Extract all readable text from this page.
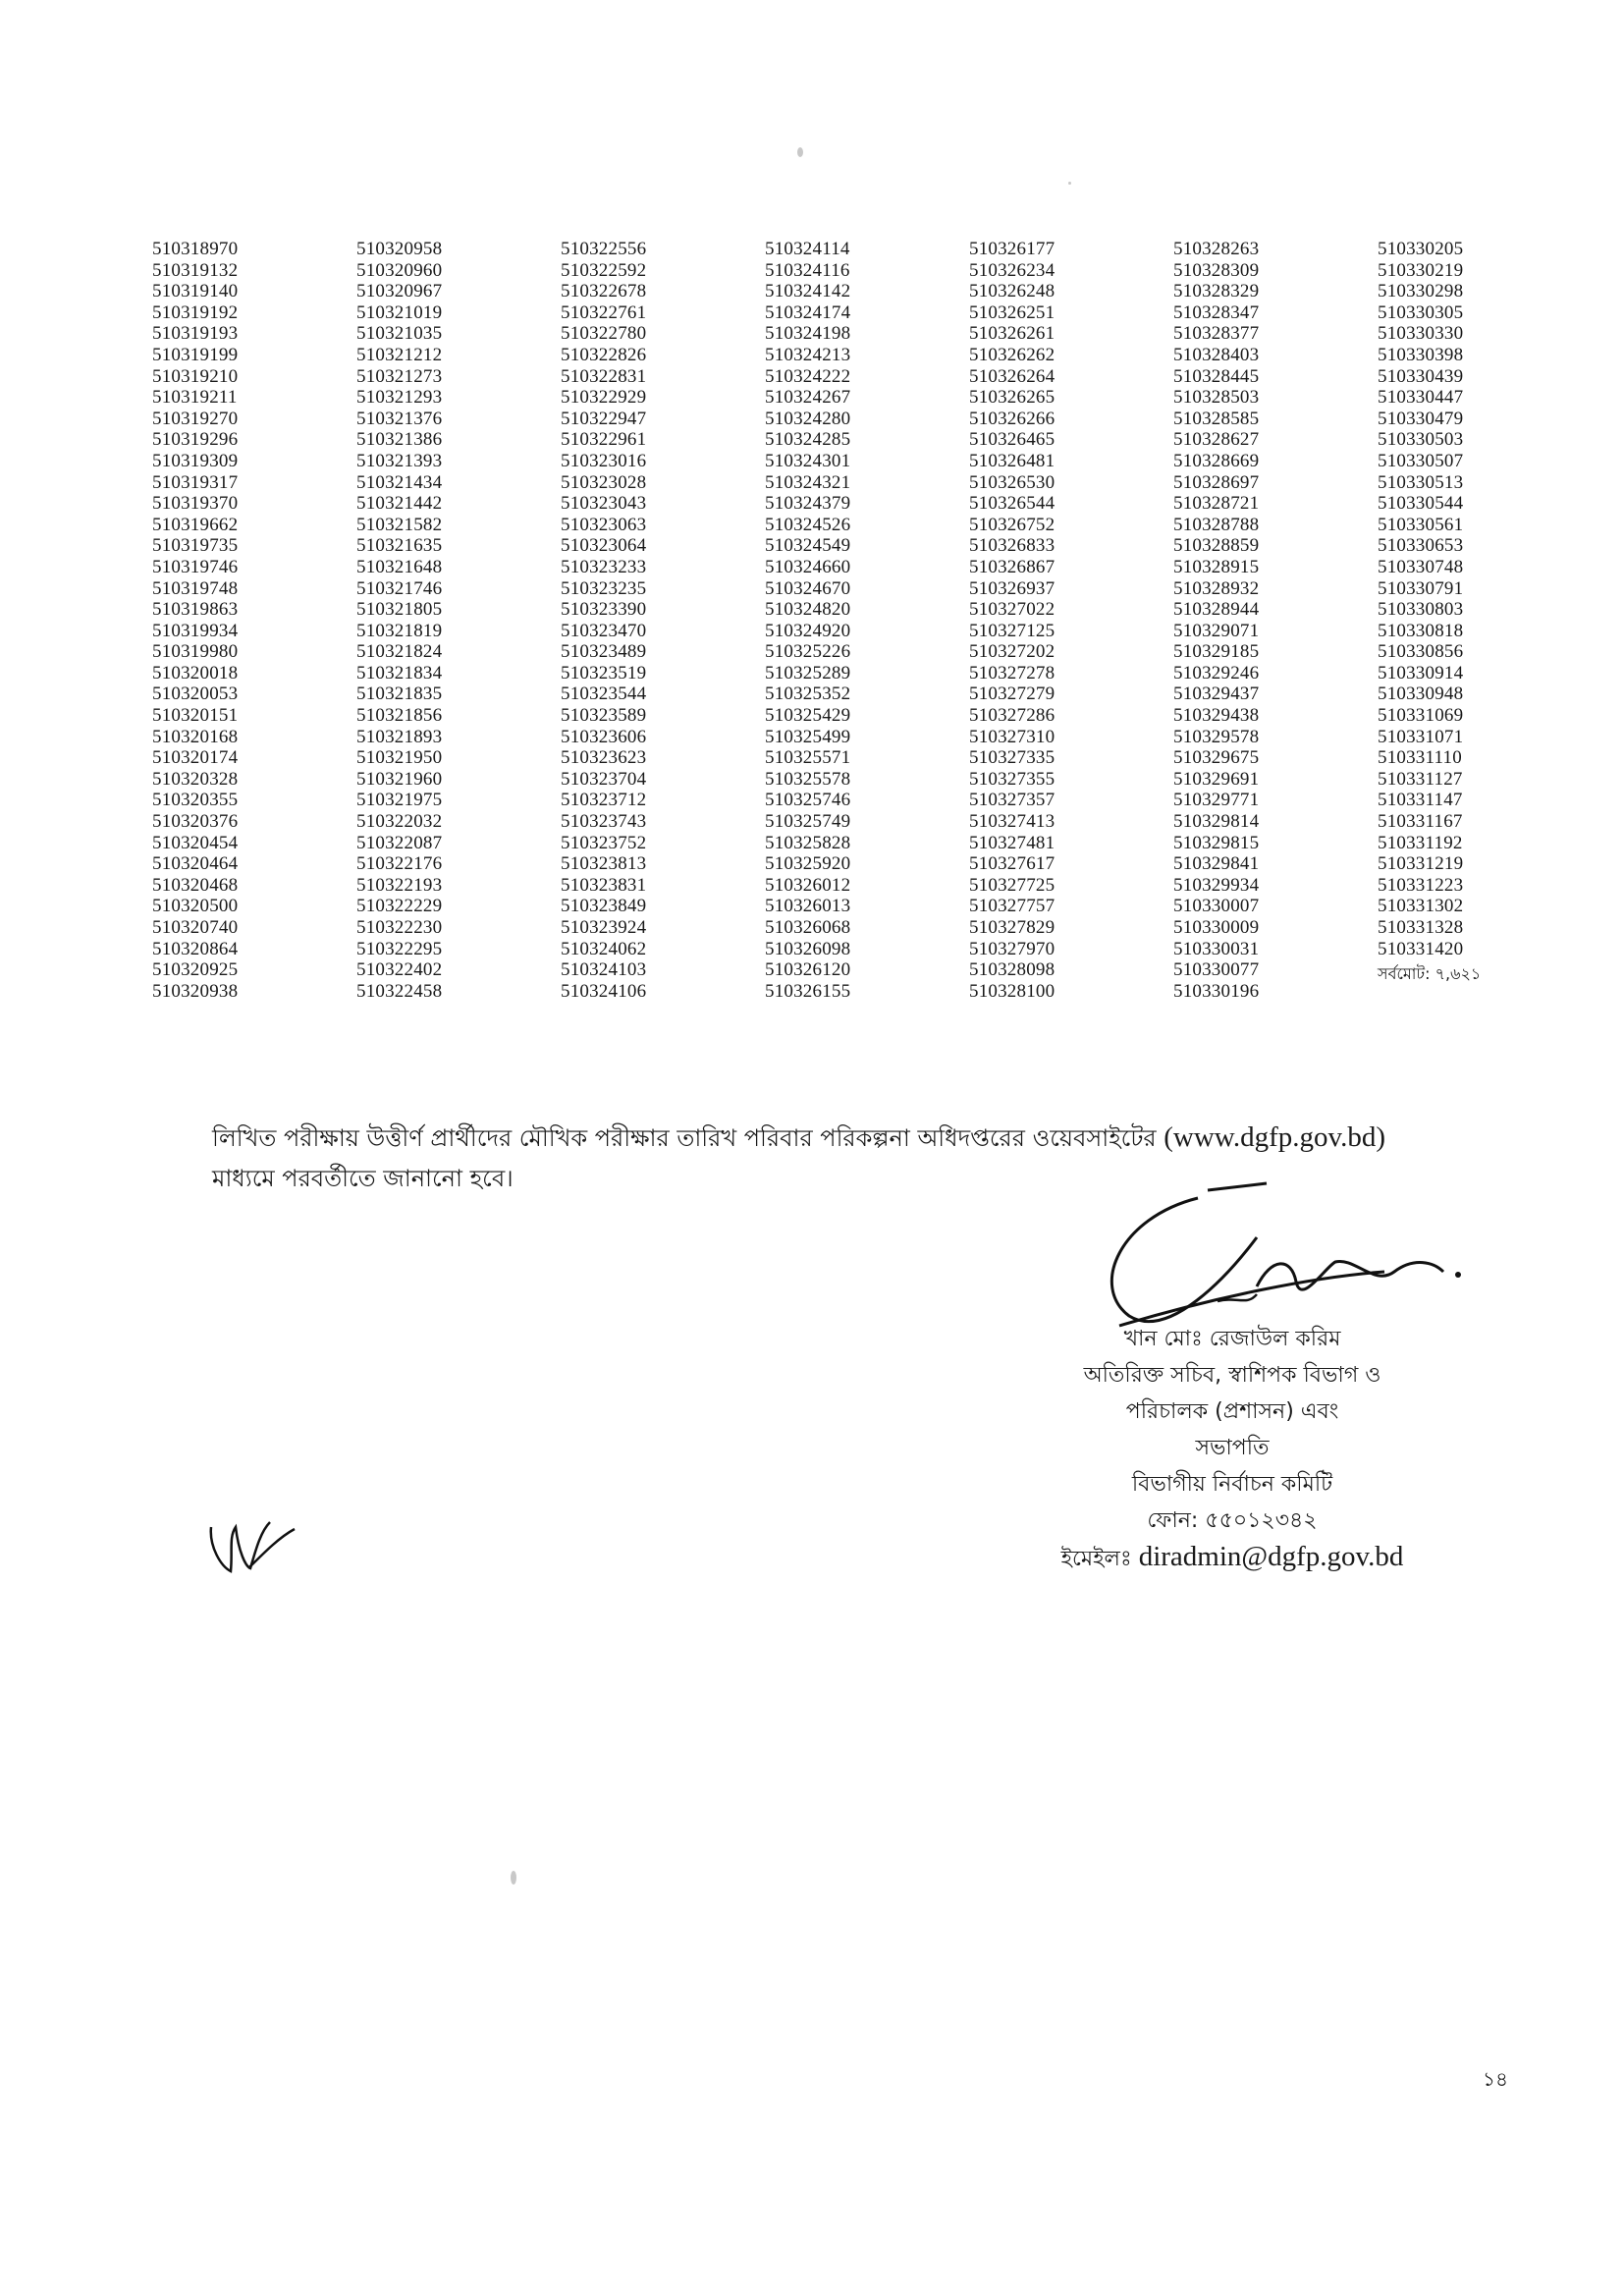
510318970
510319132
510319140
510319192
510319193
510319199
510319210
510319211
510319270
510319296
510319309
510319317
510319370
510319662
510319735
510319746
510319748
510319863
510319934
510319980
510320018
510320053
510320151
510320168
510320174
510320328
510320355
510320376
510320454
510320464
510320468
510320500
510320740
510320864
510320925
510320938
510320958
510320960
510320967
510321019
510321035
510321212
510321273
510321293
510321376
510321386
510321393
510321434
510321442
510321582
510321635
510321648
510321746
510321805
510321819
510321824
510321834
510321835
510321856
510321893
510321950
510321960
510321975
510322032
510322087
510322176
510322193
510322229
510322230
510322295
510322402
510322458
510322556
510322592
510322678
510322761
510322780
510322826
510322831
510322929
510322947
510322961
510323016
510323028
510323043
510323063
510323064
510323233
510323235
510323390
510323470
510323489
510323519
510323544
510323589
510323606
510323623
510323704
510323712
510323743
510323752
510323813
510323831
510323849
510323924
510324062
510324103
510324106
510324114
510324116
510324142
510324174
510324198
510324213
510324222
510324267
510324280
510324285
510324301
510324321
510324379
510324526
510324549
510324660
510324670
510324820
510324920
510325226
510325289
510325352
510325429
510325499
510325571
510325578
510325746
510325749
510325828
510325920
510326012
510326013
510326068
510326098
510326120
510326155
510326177
510326234
510326248
510326251
510326261
510326262
510326264
510326265
510326266
510326465
510326481
510326530
510326544
510326752
510326833
510326867
510326937
510327022
510327125
510327202
510327278
510327279
510327286
510327310
510327335
510327355
510327357
510327413
510327481
510327617
510327725
510327757
510327829
510327970
510328098
510328100
510328263
510328309
510328329
510328347
510328377
510328403
510328445
510328503
510328585
510328627
510328669
510328697
510328721
510328788
510328859
510328915
510328932
510328944
510329071
510329185
510329246
510329437
510329438
510329578
510329675
510329691
510329771
510329814
510329815
510329841
510329934
510330007
510330009
510330031
510330077
510330196
510330205
510330219
510330298
510330305
510330330
510330398
510330439
510330447
510330479
510330503
510330507
510330513
510330544
510330561
510330653
510330748
510330791
510330803
510330818
510330856
510330914
510330948
510331069
510331071
510331110
510331127
510331147
510331167
510331192
510331219
510331223
510331302
510331328
510331420
সর্বমোট: ৭,৬২১
লিখিত পরীক্ষায় উত্তীর্ণ প্রার্থীদের মৌখিক পরীক্ষার তারিখ পরিবার পরিকল্পনা অধিদপ্তরের ওয়েবসাইটের (www.dgfp.gov.bd)
মাধ্যমে পরবর্তীতে জানানো হবে।
খান মোঃ রেজাউল করিম
অতিরিক্ত সচিব, স্বাশিপক বিভাগ ও
পরিচালক (প্রশাসন) এবং
সভাপতি
বিভাগীয় নির্বাচন কমিটি
ফোন: ৫৫০১২৩৪২
ইমেইলঃ diradmin@dgfp.gov.bd
১৪
